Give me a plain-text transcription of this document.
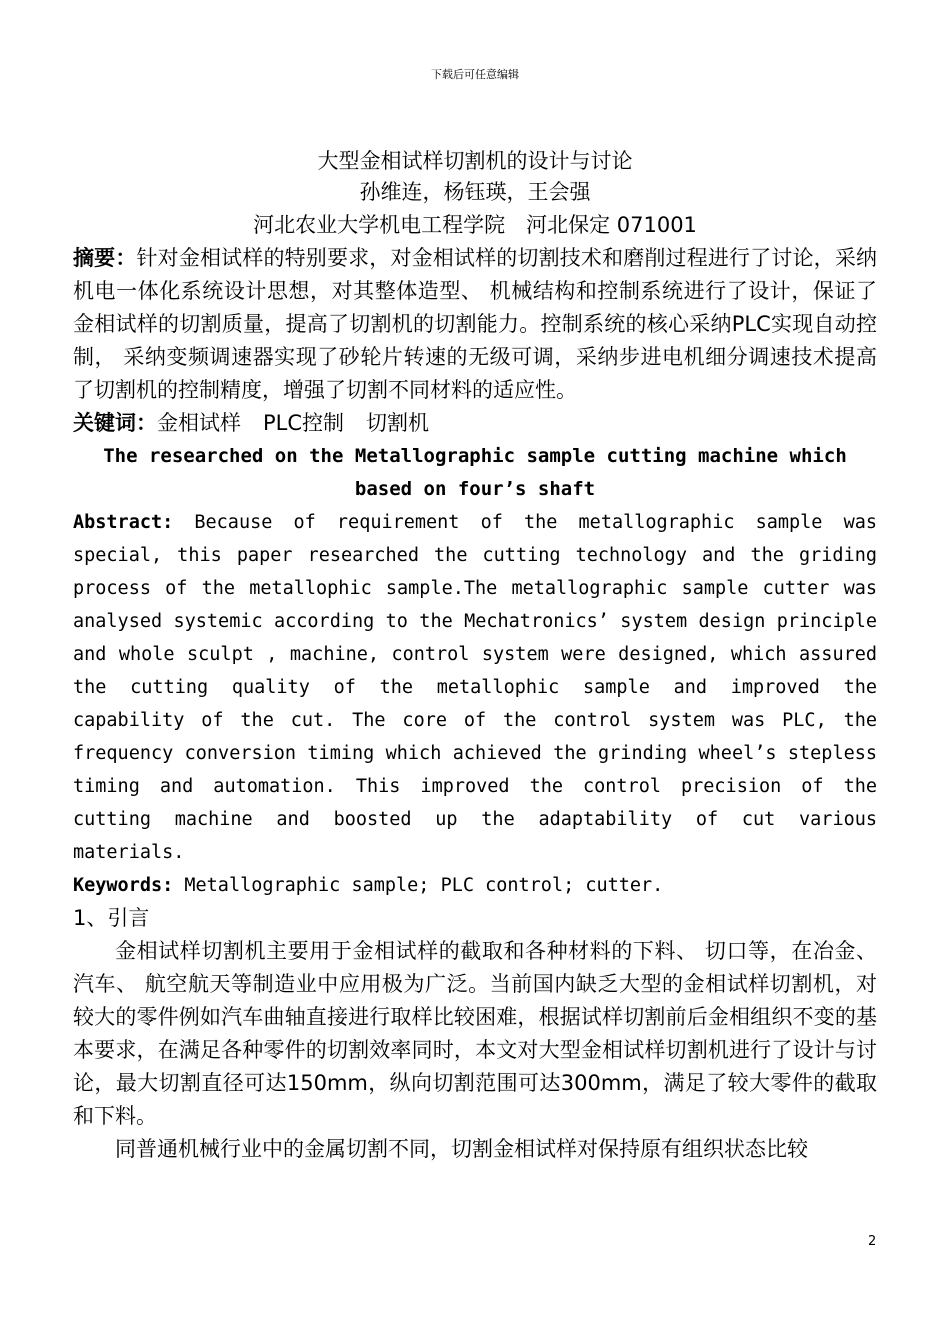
下载后可任意编辑
大型金相试样切割机的设计与讨论
孙维连，杨钰瑛，王会强
河北农业大学机电工程学院　河北保定 071001
摘要：针对金相试样的特别要求，对金相试样的切割技术和磨削过程进行了讨论，采纳机电一体化系统设计思想，对其整体造型、 机械结构和控制系统进行了设计，保证了金相试样的切割质量，提高了切割机的切割能力。控制系统的核心采纳PLC实现自动控制， 采纳变频调速器实现了砂轮片转速的无级可调，采纳步进电机细分调速技术提高了切割机的控制精度，增强了切割不同材料的适应性。
关键词：金相试样 PLC控制 切割机
The researched on the Metallographic sample cutting machine which based on four’s shaft
Abstract: Because of requirement of the metallographic sample was special, this paper researched the cutting technology and the griding process of the metallophic sample.The metallographic sample cutter was analysed systemic according to the Mechatronics’ system design principle and whole sculpt , machine, control system were designed, which assured the cutting quality of the metallophic sample and improved the capability of the cut. The core of the control system was PLC, the frequency conversion timing which achieved the grinding wheel’s stepless timing and automation. This improved the control precision of the cutting machine and boosted up the adaptability of cut various materials.
Keywords: Metallographic sample; PLC control; cutter.
1、引言
金相试样切割机主要用于金相试样的截取和各种材料的下料、 切口等，在冶金、 汽车、 航空航天等制造业中应用极为广泛。当前国内缺乏大型的金相试样切割机，对较大的零件例如汽车曲轴直接进行取样比较困难，根据试样切割前后金相组织不变的基本要求，在满足各种零件的切割效率同时，本文对大型金相试样切割机进行了设计与讨论，最大切割直径可达150mm，纵向切割范围可达300mm，满足了较大零件的截取和下料。
同普通机械行业中的金属切割不同，切割金相试样对保持原有组织状态比较
2
